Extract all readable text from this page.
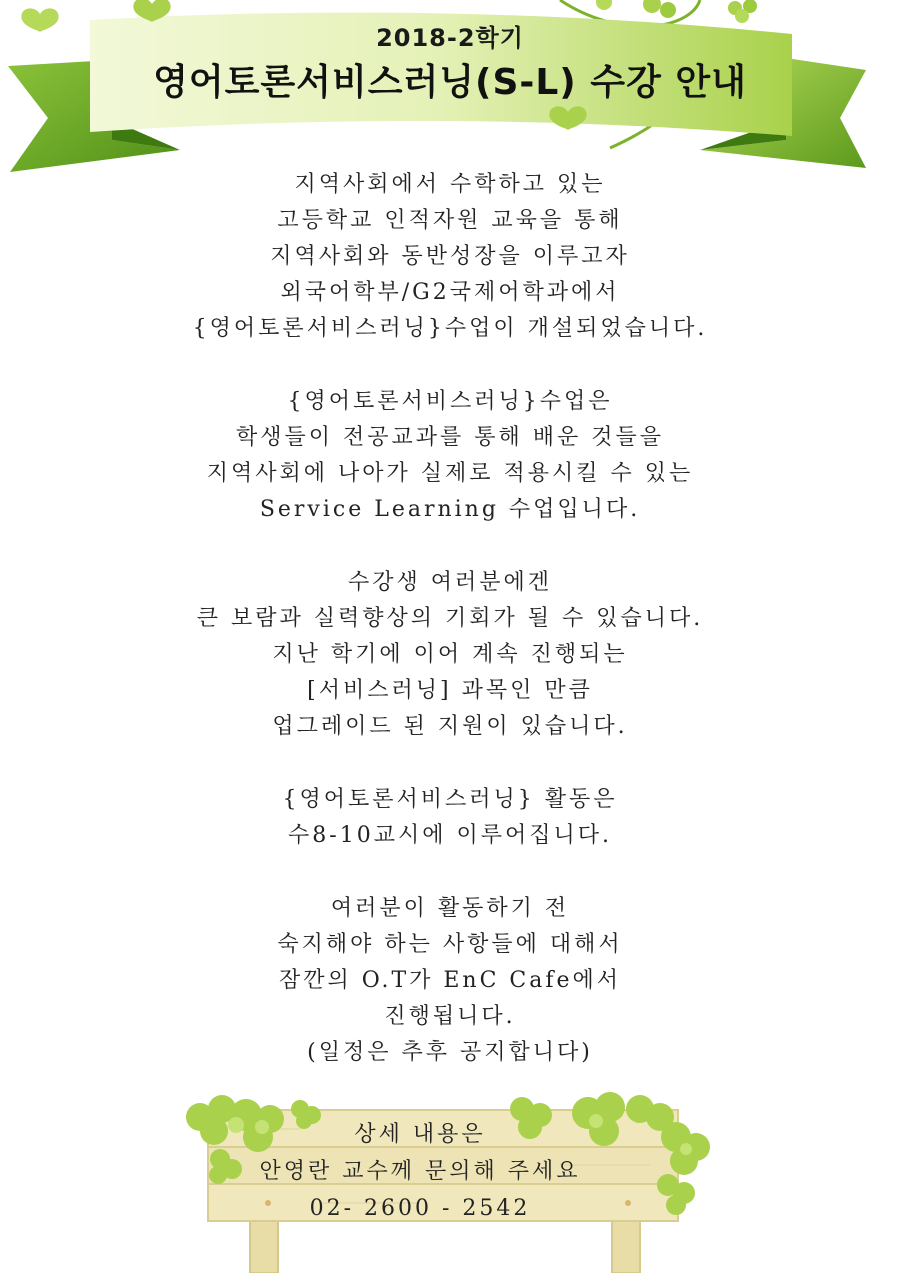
2018-2학기
영어토론서비스러닝(S-L) 수강 안내
지역사회에서 수학하고 있는
고등학교 인적자원 교육을 통해
지역사회와 동반성장을 이루고자
외국어학부/G2국제어학과에서
{영어토론서비스러닝}수업이 개설되었습니다.
{영어토론서비스러닝}수업은
학생들이 전공교과를 통해 배운 것들을
지역사회에 나아가 실제로 적용시킬 수 있는
Service Learning 수업입니다.
수강생 여러분에겐
큰 보람과 실력향상의 기회가 될 수 있습니다.
지난 학기에 이어 계속 진행되는
[서비스러닝] 과목인 만큼
업그레이드 된 지원이 있습니다.
{영어토론서비스러닝} 활동은
수8-10교시에 이루어집니다.
여러분이 활동하기 전
숙지해야 하는 사항들에 대해서
잠깐의 O.T가 EnC Cafe에서
진행됩니다.
(일정은 추후 공지합니다)
상세 내용은
안영란 교수께 문의해 주세요
02- 2600 - 2542
